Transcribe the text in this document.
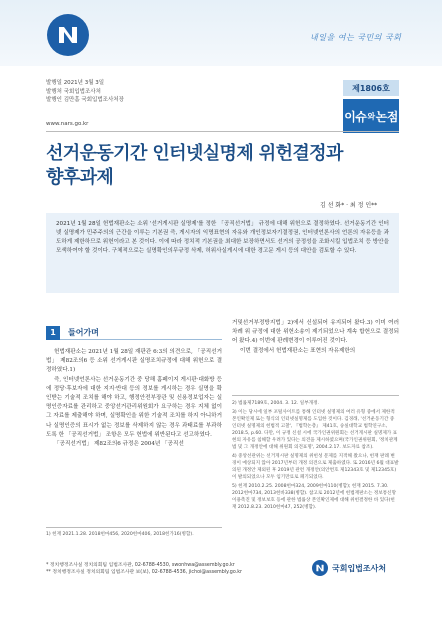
내일을 여는 국민의 국회
발행일 2021년 3월 3일
발행처 국회입법조사처
발행인 김만흠 국회입법조사처장
www.nars.go.kr
제1806호
이슈 와 논점
선거운동기간 인터넷실명제 위헌결정과
향후과제
김 선 화* · 최 정 인**
2021년 1월 28일 헌법재판소는 소위 '선거게시판 실명제'를 정한 「공직선거법」 규정에 대해 위헌으로 결정하였다. 선거운동기간 인터넷 실명제가 민주주의의 근간을 이루는 기본권 즉, 게시자의 익명표현의 자유와 개인정보자기결정권, 인터넷언론사의 언론의 자유등을 과도하게 제한하므로 위헌이라고 본 것이다. 이에 따라 정치적 기본권을 최대한 보장하면서도 선거의 공정성을 조화시킬 입법조치 등 방안을 모색하여야 할 것이다. 구체적으로는 실명확인의무규정 삭제, 허위사실게시에 대한 경고문 게시 등의 대안을 검토할 수 있다.
1	들어가며

헌법재판소는 2021년 1월 28일 재판관 6:3의 의견으로, 「공직선거법」 제82조의6 등 소위 선거게시판 실명조치규정에 대해 위헌으로 결정하였다.1)

즉, 인터넷언론사는 선거운동기간 중 당해 홈페이지 게시판·대화방 등에 정당·후보자에 대한 지지·반대 등의 정보를 게시하는 경우 실명을 확인받는 기술적 조치를 해야 하고, 행정안전부장관 및 신용정보업자는 실명인증자료를 관리하고 중앙선거관리위원회가 요구하는 경우 지체 없이 그 자료를 제출해야 하며, 실명확인을 위한 기술적 조치를 하지 아니하거나 실명인증의 표시가 없는 정보를 삭제하지 않는 경우 과태료를 부과하도록 한 「공직선거법」 조항은 모두 헌법에 위반된다고 선고하였다.

「공직선거법」 제82조의6 규정은 2004년 「공직선

1) 헌재 2021.1.28. 2018헌마456, 2020헌마406, 2018헌가16(병합).

거및선거부정방지법」2)에서 신설되어 유지되어 왔다.3) 이미 여러 차례 위 규정에 대한 위헌소송이 제기되었으나 계속 합헌으로 결정되어 왔다.4) 이번에 판례변경이 이루어진 것이다.

이번 결정에서 헌법재판소는 표현의 자유제한의

2) 법률제7189호, 2004. 3. 12. 일부개정.

3) 이는 당시에 일부 포털사이트를 통해 인터넷 실명제의 여러 유형 중에서 제한적 본인확인제 또는 형식의 인터넷실명제를 도입한 것이다. 김경래, '선거운동기간 중 인터넷 실명제의 헌법적 고찰', 『법학논총』 제41호, 숭실대학교 법학연구소, 2018.5, p.60. 다만, 이 규정 신설 시에 국가인권위원회는 선거게시판 실명제가 표현의 자유를 침해할 우려가 있다는 의견을 제시하였으며(국가인권위원회, '정치관계법 및 그 개정안에 대해 위원회 의견표명', 2004.2.17. 보도자료 참조).

4) 중앙선관위는 선거게시판 실명제의 위헌성 문제를 지적해 왔으나, 헌재 판례 변경이 예상되지 않아 2017년부터 개정 의견으로 제출하였다. 또 2016년 6월 대표발의된 개정안 제외된 후 2019년 관련 개정안(의안번호 제12343호 및 제12345호)이 발의되었으나 모두 임기만료로 폐기되었다.

5) 헌재 2010.2.25. 2008헌마324, 2009헌마110(병합); 헌재 2015. 7.30. 2012헌마734, 2013헌바338(병합). 참고로 2012년에 헌법재판소는 정보통신망 이용촉진 및 정보보호 등에 관한 법률상 본인확인제에 대해 위헌결정한 바 있다(헌재 2012.8.23. 2010헌마47, 252(병합).

* 정치행정조사실 정치의회팀 입법조사관, 02-6788-4530, swonhwa@assembly.go.kr
** 정치행정조사실 정치의회팀 입법조사관 보(보), 02-6788-4536, jichoi@assembly.go.kr
국회입법조사처
